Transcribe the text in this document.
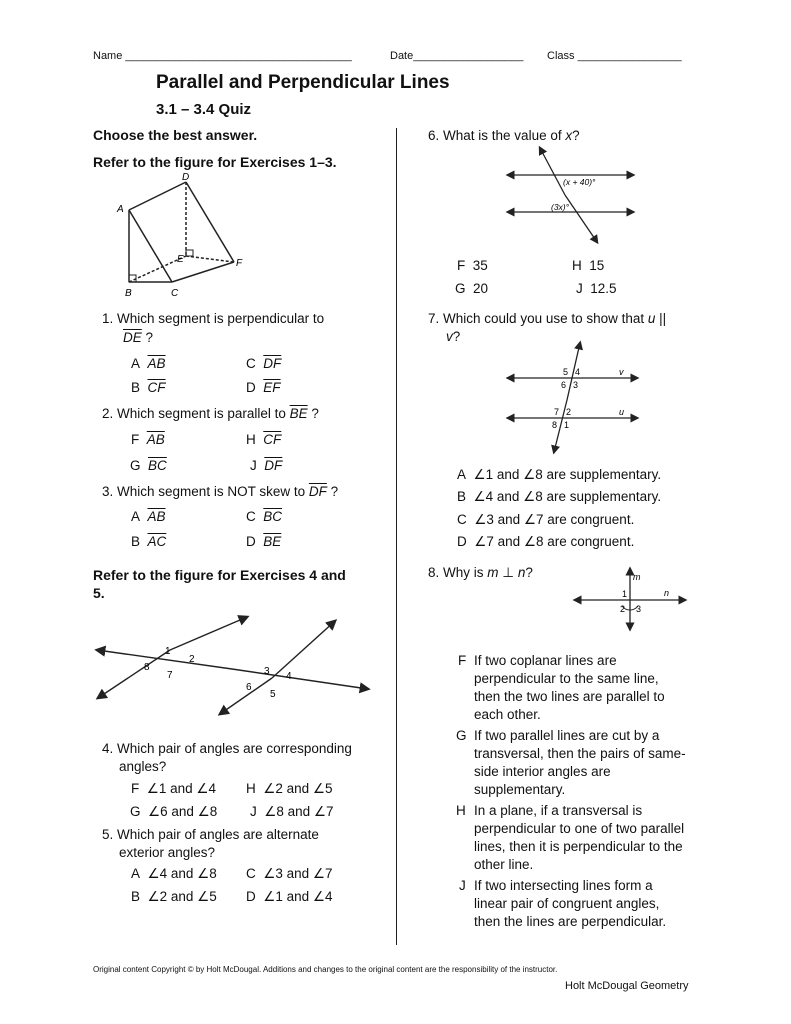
Name _____________________________________	Date__________________ Class _________________
Parallel and Perpendicular Lines
3.1 – 3.4 Quiz
Choose the best answer.
Refer to the figure for Exercises 1–3.
D
A
B	C
E	F
1. Which segment is perpendicular to
$\overline{DE}$ ?
A $\overline{AB}$	C $\overline{DF}$
B $\overline{CF}$	D $\overline{EF}$
2. Which segment is parallel to $\overline{BE}$ ?
F $\overline{AB}$	H $\overline{CF}$
G $\overline{BC}$	J $\overline{DF}$
3. Which segment is NOT skew to $\overline{DF}$ ?
A $\overline{AB}$	C $\overline{BC}$
B $\overline{AC}$	D $\overline{BE}$
Refer to the figure for Exercises 4 and
5.
1
2
8
7	3 4
6
5
4. Which pair of angles are corresponding
angles?
F ∠1 and ∠4 H ∠2 and ∠5
G ∠6 and ∠8 J ∠8 and ∠7
5. Which pair of angles are alternate
exterior angles?
A ∠4 and ∠8 C ∠3 and ∠7
B ∠2 and ∠5 D ∠1 and ∠4
6. What is the value of x?
(x + 40)°
(3x)°
F 35	H 15
G 20	J 12.5
7. Which could you use to show that u ||
v?
5 4
6 3
7 2
8 1
v
u
A ∠1 and ∠8 are supplementary.
B ∠4 and ∠8 are supplementary.
C ∠3 and ∠7 are congruent.
D ∠7 and ∠8 are congruent.
8. Why is m ⊥ n?	m
n
1
2 3
F If two coplanar lines are
perpendicular to the same line,
then the two lines are parallel to
each other.
G If two parallel lines are cut by a
transversal, then the pairs of same-
side interior angles are
supplementary.
H In a plane, if a transversal is
perpendicular to one of two parallel
lines, then it is perpendicular to the
other line.
J If two intersecting lines form a
linear pair of congruent angles,
then the lines are perpendicular.
Original content Copyright © by Holt McDougal. Additions and changes to the original content are the responsibility of the instructor.
Holt McDougal Geometry
